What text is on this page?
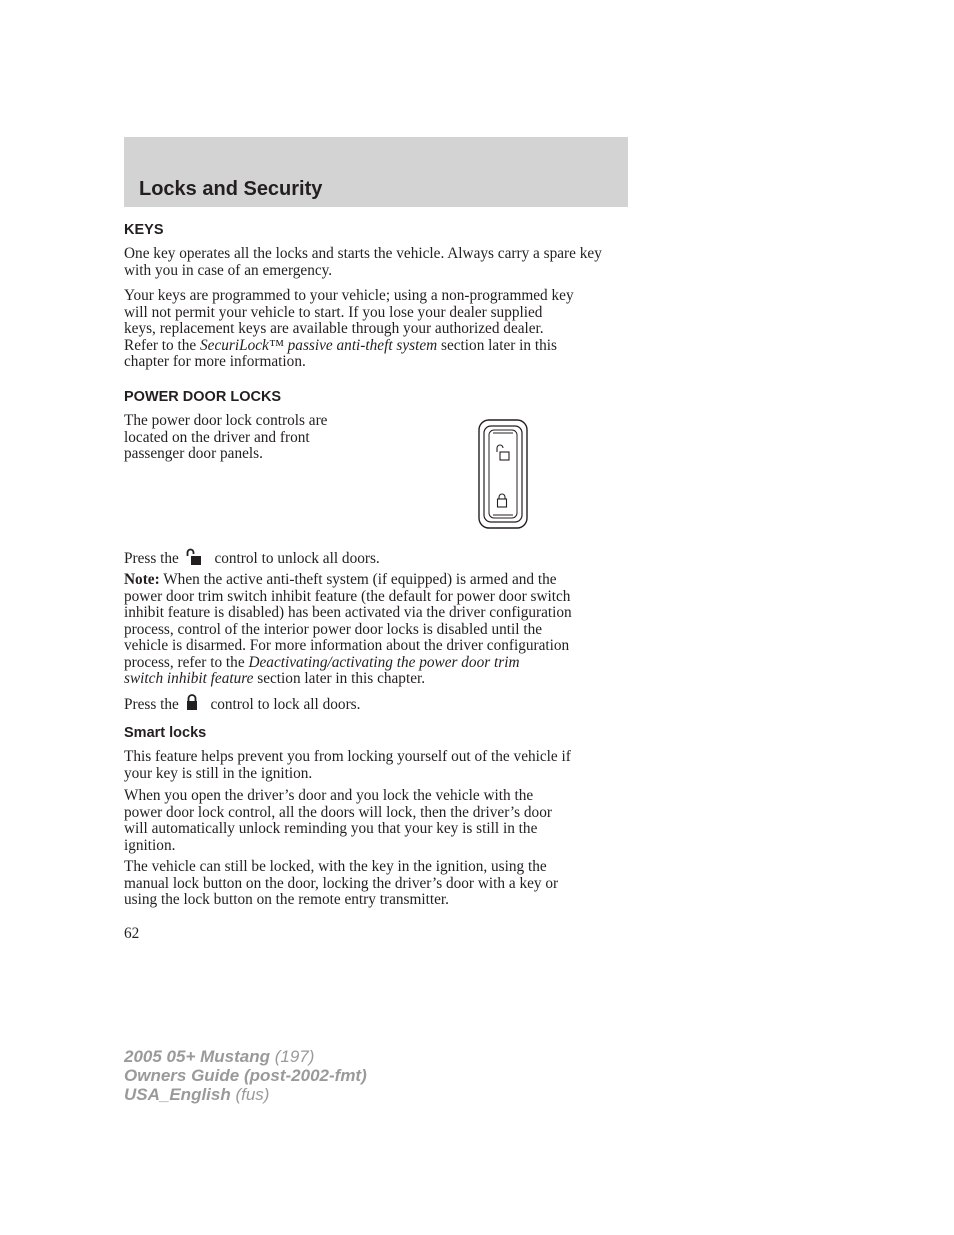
Locks and Security
KEYS
One key operates all the locks and starts the vehicle. Always carry a spare key with you in case of an emergency.
Your keys are programmed to your vehicle; using a non-programmed key
will not permit your vehicle to start. If you lose your dealer supplied
keys, replacement keys are available through your authorized dealer.
Refer to the SecuriLock™ passive anti-theft system section later in this
chapter for more information.
POWER DOOR LOCKS
The power door lock controls are
located on the driver and front
passenger door panels.
Press the control to unlock all doors.
Note: When the active anti-theft system (if equipped) is armed and the
power door trim switch inhibit feature (the default for power door switch
inhibit feature is disabled) has been activated via the driver configuration
process, control of the interior power door locks is disabled until the
vehicle is disarmed. For more information about the driver configuration
process, refer to the Deactivating/activating the power door trim
switch inhibit feature section later in this chapter.
Press the control to lock all doors.
Smart locks
This feature helps prevent you from locking yourself out of the vehicle if
your key is still in the ignition.
When you open the driver’s door and you lock the vehicle with the
power door lock control, all the doors will lock, then the driver’s door
will automatically unlock reminding you that your key is still in the
ignition.
The vehicle can still be locked, with the key in the ignition, using the
manual lock button on the door, locking the driver’s door with a key or
using the lock button on the remote entry transmitter.
62
2005 05+ Mustang (197)
Owners Guide (post-2002-fmt)
USA_English (fus)
